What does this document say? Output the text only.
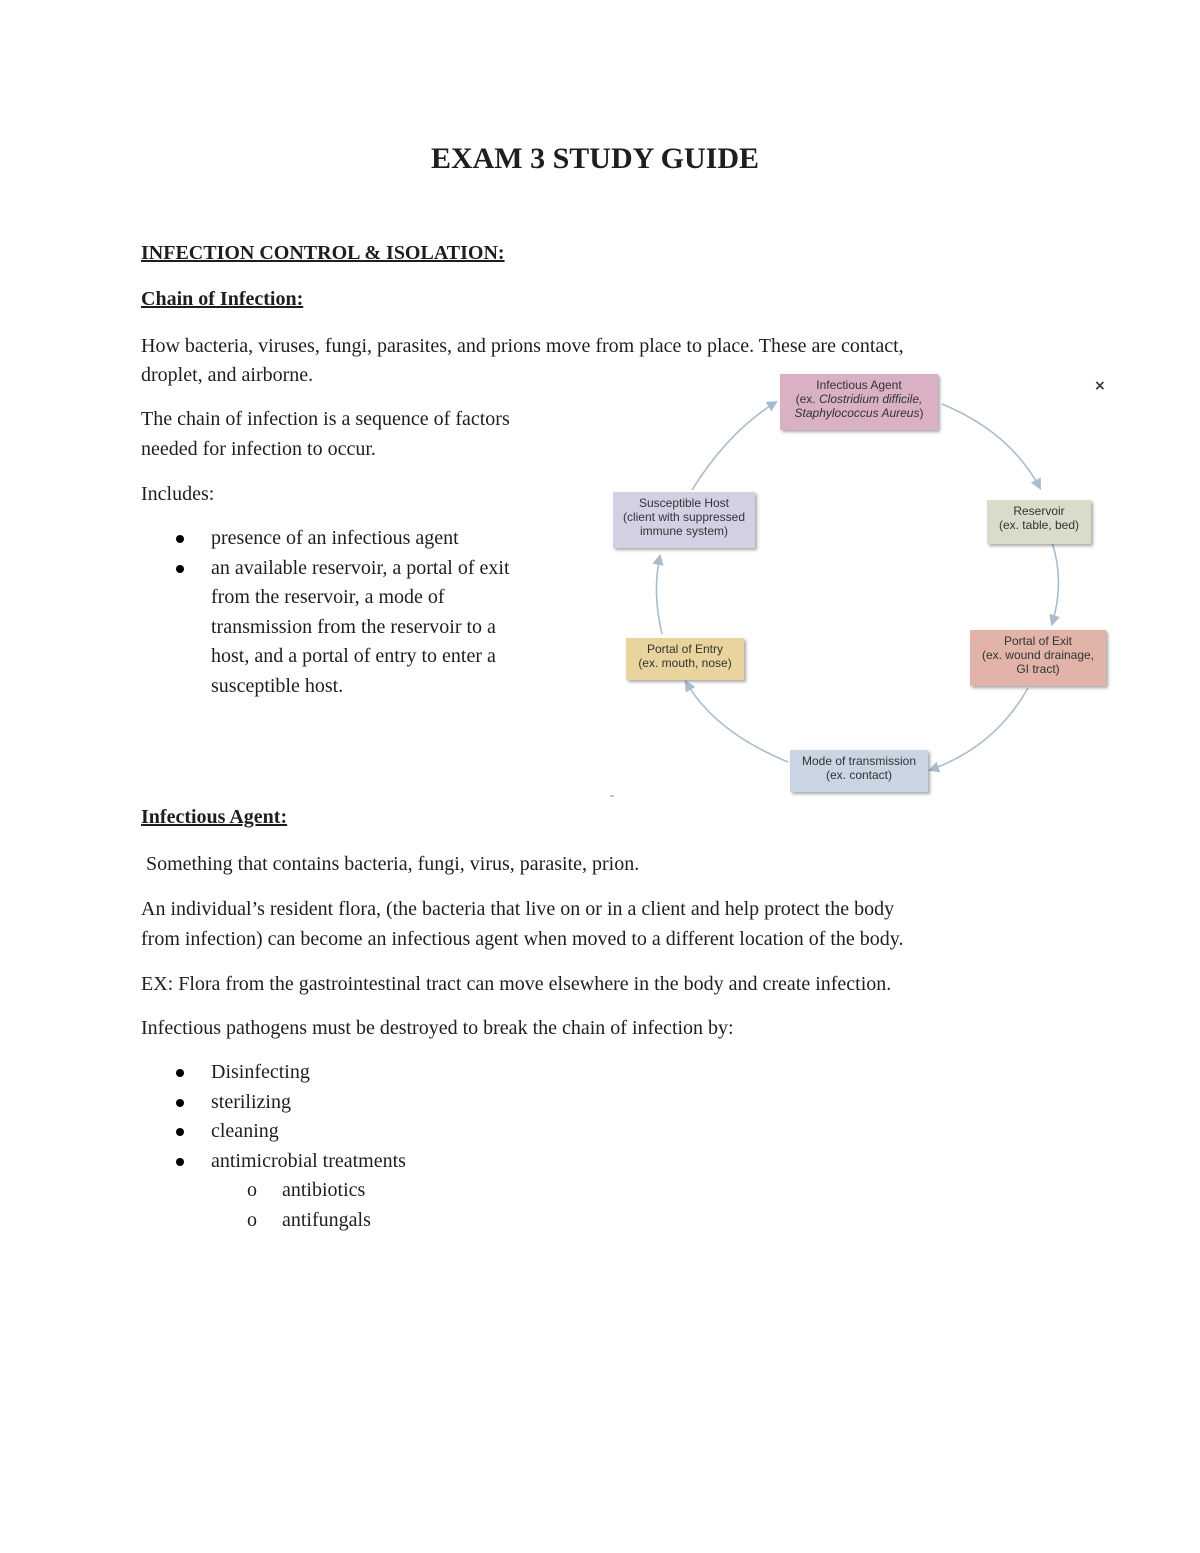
EXAM 3 STUDY GUIDE
INFECTION CONTROL & ISOLATION:
Chain of Infection:

How bacteria, viruses, fungi, parasites, and prions move from place to place. These are contact,

droplet, and airborne.

The chain of infection is a sequence of factors

needed for infection to occur.

Includes:

presence of an infectious agent
an available reservoir, a portal of exit
from the reservoir, a mode of
transmission from the reservoir to a
host, and a portal of entry to enter a
susceptible host.
×
Infectious Agent
(ex. Clostridium difficile,
Staphylococcus Aureus)
Reservoir
(ex. table, bed)
Portal of Exit
(ex. wound drainage,
GI tract)
Mode of transmission
(ex. contact)
Portal of Entry
(ex. mouth, nose)
Susceptible Host
(client with suppressed
immune system)
Infectious Agent:

Something that contains bacteria, fungi, virus, parasite, prion.

An individual’s resident flora, (the bacteria that live on or in a client and help protect the body

from infection) can become an infectious agent when moved to a different location of the body.

EX: Flora from the gastrointestinal tract can move elsewhere in the body and create infection.

Infectious pathogens must be destroyed to break the chain of infection by:

Disinfecting
sterilizing
cleaning
antimicrobial treatments
o antibiotics
o antifungals
